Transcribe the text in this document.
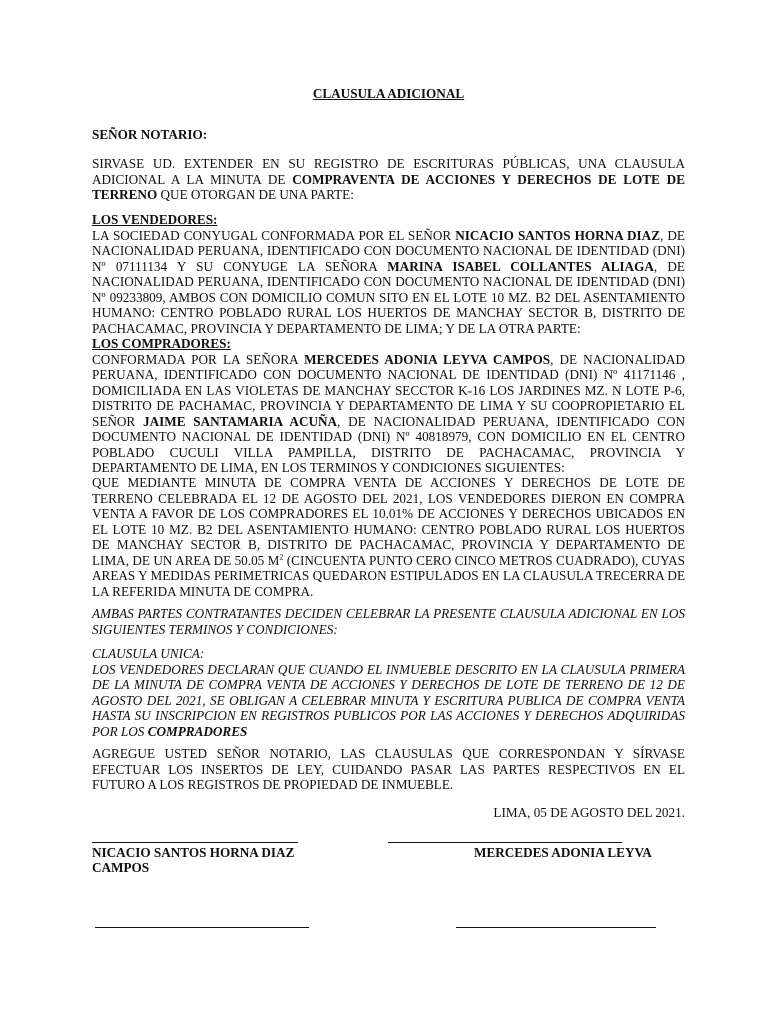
CLAUSULA ADICIONAL
SEÑOR NOTARIO:
SIRVASE UD. EXTENDER EN SU REGISTRO DE ESCRITURAS PÚBLICAS, UNA CLAUSULA ADICIONAL A LA MINUTA DE COMPRAVENTA DE ACCIONES Y DERECHOS DE LOTE DE TERRENO QUE OTORGAN DE UNA PARTE:
LOS VENDEDORES:
LA SOCIEDAD CONYUGAL CONFORMADA POR EL SEÑOR NICACIO SANTOS HORNA DIAZ, DE NACIONALIDAD PERUANA, IDENTIFICADO CON DOCUMENTO NACIONAL DE IDENTIDAD (DNI) Nº 07111134 Y SU CONYUGE LA SEÑORA MARINA ISABEL COLLANTES ALIAGA, DE NACIONALIDAD PERUANA, IDENTIFICADO CON DOCUMENTO NACIONAL DE IDENTIDAD (DNI) Nº 09233809, AMBOS CON DOMICILIO COMUN SITO EN EL LOTE 10 MZ. B2 DEL ASENTAMIENTO HUMANO: CENTRO POBLADO RURAL LOS HUERTOS DE MANCHAY SECTOR B, DISTRITO DE PACHACAMAC, PROVINCIA Y DEPARTAMENTO DE LIMA; Y DE LA OTRA PARTE:
LOS COMPRADORES:
CONFORMADA POR LA SEÑORA MERCEDES ADONIA LEYVA CAMPOS, DE NACIONALIDAD PERUANA, IDENTIFICADO CON DOCUMENTO NACIONAL DE IDENTIDAD (DNI) Nº 41171146 , DOMICILIADA EN LAS VIOLETAS DE MANCHAY SECCTOR K-16 LOS JARDINES MZ. N LOTE P-6, DISTRITO DE PACHAMAC, PROVINCIA Y DEPARTAMENTO DE LIMA Y SU COOPROPIETARIO EL SEÑOR JAIME SANTAMARIA ACUÑA, DE NACIONALIDAD PERUANA, IDENTIFICADO CON DOCUMENTO NACIONAL DE IDENTIDAD (DNI) Nº 40818979, CON DOMICILIO EN EL CENTRO POBLADO CUCULI VILLA PAMPILLA, DISTRITO DE PACHACAMAC, PROVINCIA Y DEPARTAMENTO DE LIMA, EN LOS TERMINOS Y CONDICIONES SIGUIENTES:
QUE MEDIANTE MINUTA DE COMPRA VENTA DE ACCIONES Y DERECHOS DE LOTE DE TERRENO CELEBRADA EL 12 DE AGOSTO DEL 2021, LOS VENDEDORES DIERON EN COMPRA VENTA A FAVOR DE LOS COMPRADORES EL 10.01% DE ACCIONES Y DERECHOS UBICADOS EN EL LOTE 10 MZ. B2 DEL ASENTAMIENTO HUMANO: CENTRO POBLADO RURAL LOS HUERTOS DE MANCHAY SECTOR B, DISTRITO DE PACHACAMAC, PROVINCIA Y DEPARTAMENTO DE LIMA, DE UN AREA DE 50.05 $M^2$ (CINCUENTA PUNTO CERO CINCO METROS CUADRADO), CUYAS AREAS Y MEDIDAS PERIMETRICAS QUEDARON ESTIPULADOS EN LA CLAUSULA TRECERRA DE LA REFERIDA MINUTA DE COMPRA.
AMBAS PARTES CONTRATANTES DECIDEN CELEBRAR LA PRESENTE CLAUSULA ADICIONAL EN LOS SIGUIENTES TERMINOS Y CONDICIONES:
CLAUSULA UNICA:
LOS VENDEDORES DECLARAN QUE CUANDO EL INMUEBLE DESCRITO EN LA CLAUSULA PRIMERA DE LA MINUTA DE COMPRA VENTA DE ACCIONES Y DERECHOS DE LOTE DE TERRENO DE 12 DE AGOSTO DEL 2021, SE OBLIGAN A CELEBRAR MINUTA Y ESCRITURA PUBLICA DE COMPRA VENTA HASTA SU INSCRIPCION EN REGISTROS PUBLICOS POR LAS ACCIONES Y DERECHOS ADQUIRIDAS POR LOS COMPRADORES
AGREGUE USTED SEÑOR NOTARIO, LAS CLAUSULAS QUE CORRESPONDAN Y SÍRVASE EFECTUAR LOS INSERTOS DE LEY, CUIDANDO PASAR LAS PARTES RESPECTIVOS EN EL FUTURO A LOS REGISTROS DE PROPIEDAD DE INMUEBLE.
LIMA, 05 DE AGOSTO DEL 2021.
NICACIO SANTOS HORNA DIAZ	MERCEDES ADONIA LEYVA
CAMPOS
